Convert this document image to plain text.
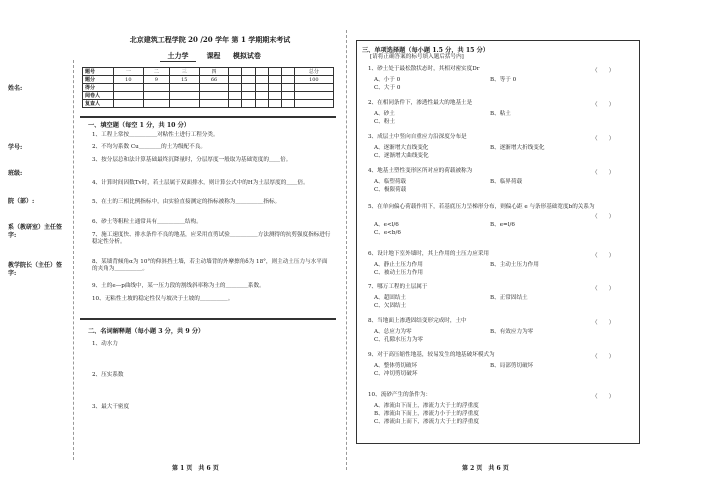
姓名:
学号:
班级:
院（部）:
系（教研室）主任签字:
教学院长（主任）签字:
北京建筑工程学院 20 /20 学年 第 1 学期期末考试
土力学	课程 模拟试卷
题号	一	二	三	四						总分
题分	10	9	15	66						100
得分										
阅卷人										
复查人										
一、填空题（每空 1 分，共 10 分）
1、工程上常按＿＿＿＿＿对粘性土进行工程分类。
2、不均匀系数 Cu＿＿＿＿的土为级配不良。
3、按分层总和法计算基础最终沉降量时，分层厚度一般取为基础宽度的＿＿倍。
4、计算时间因数Tv时，若土层属于双面排水，则计算公式中的H为土层厚度的＿＿倍。
5、在土的三相比例指标中，由实验直接测定的指标被称为＿＿＿＿＿指标。
6、砂土等粗粒土通常具有＿＿＿＿＿结构。
7、施工速度快、排水条件不良的地基，应采用直剪试验＿＿＿＿＿方法测得的抗剪强度指标进行稳定性分析。
8、某墙背倾角α为 10°的仰斜挡土墙，若主动墙背的外摩擦角δ为 18°，则主动土压力与水平面的夹角为＿＿＿＿＿。
9、土的e—p曲线中，某一压力段的割线斜率称为土的＿＿＿＿系数。
10、无粘性土坡的稳定性仅与坡决于土坡的＿＿＿＿＿。
二、名词解释题（每小题 3 分，共 9 分）
1、动水力
2、压实系数
3、最大干密度
第 1 页　共 6 页
三、单项选择题（每小题 1.5 分，共 15 分）
[请将正确答案的标号填入题后括号内]
1、砂土处于最松散状态时，其相对密实度Dr	（　　）
A、小于 0	B、等于 0
C、大于 0
2、在相同条件下，渗透性最大的地基土是	（　　）
A、砂土	B、粘土
C、粉土
3、成层土中竖向自重应力沿深度分布是	（　　）
A、逐渐增大直线变化	B、逐渐增大折线变化
C、逐渐增大曲线变化
4、地基土塑性变形区所对应的荷载被称为	（　　）
A、临塑荷载	B、临界荷载
C、极限荷载
5、在单向偏心荷载作用下，若基底压力呈梯形分布，则偏心距 e 与条形基础宽度b的关系为
（　　）
A、e<l/6	B、e=l/6
C、e<b/6
6、设计地下室外墙时，其上作用的土压力应采用	（　　）
A、静止土压力作用	B、主动土压力作用
C、被动土压力作用
7、哪万工程的土层属于	（　　）
A、超固结土	B、正常固结土
C、欠固结土
8、当地面上渗透固结变形完成时，土中	（　　）
A、总应力为零	B、有效应力为零
C、孔隙水压力为零
9、对于高压缩性地基，较易发生的地基破坏模式为	（　　）
A、整体剪切破坏	B、局部剪切破坏
C、冲切剪切破坏
10、流砂产生的条件为：	（　　）
A、渗流由下而上，渗流力大于土的浮重度
B、渗流由下而上，渗流力小于土的浮重度
C、渗流由上而下，渗流力大于土的浮重度
第 2 页　共 6 页
